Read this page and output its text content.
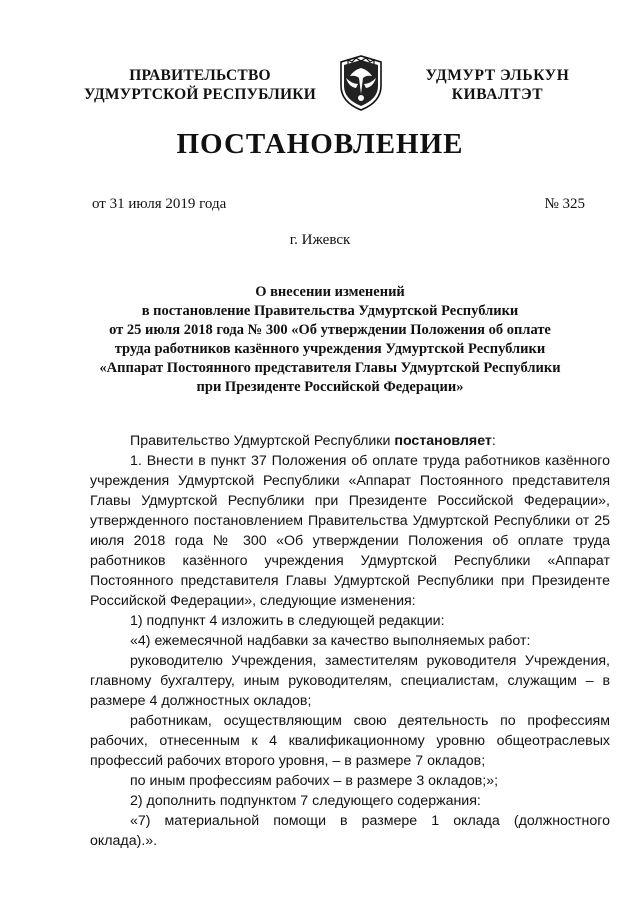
ПРАВИТЕЛЬСТВО
УДМУРТСКОЙ РЕСПУБЛИКИ
УДМУРТ ЭЛЬКУН
КИВАЛТЭТ
ПОСТАНОВЛЕНИЕ
от 31 июля 2019 года	№ 325
г. Ижевск
О внесении изменений
в постановление Правительства Удмуртской Республики
от 25 июля 2018 года № 300 «Об утверждении Положения об оплате
труда работников казённого учреждения Удмуртской Республики
«Аппарат Постоянного представителя Главы Удмуртской Республики
при Президенте Российской Федерации»

Правительство Удмуртской Республики постановляет:

1. Внести в пункт 37 Положения об оплате труда работников казённого учреждения Удмуртской Республики «Аппарат Постоянного представителя Главы Удмуртской Республики при Президенте Российской Федерации», утвержденного постановлением Правительства Удмуртской Республики от 25 июля 2018 года № 300 «Об утверждении Положения об оплате труда работников казённого учреждения Удмуртской Республики «Аппарат Постоянного представителя Главы Удмуртской Республики при Президенте Российской Федерации», следующие изменения:

1) подпункт 4 изложить в следующей редакции:

«4) ежемесячной надбавки за качество выполняемых работ:

руководителю Учреждения, заместителям руководителя Учреждения, главному бухгалтеру, иным руководителям, специалистам, служащим – в размере 4 должностных окладов;

работникам, осуществляющим свою деятельность по профессиям рабочих, отнесенным к 4 квалификационному уровню общеотраслевых профессий рабочих второго уровня, – в размере 7 окладов;

по иным профессиям рабочих – в размере 3 окладов;»;

2) дополнить подпунктом 7 следующего содержания:

«7) материальной помощи в размере 1 оклада (должностного оклада).».
